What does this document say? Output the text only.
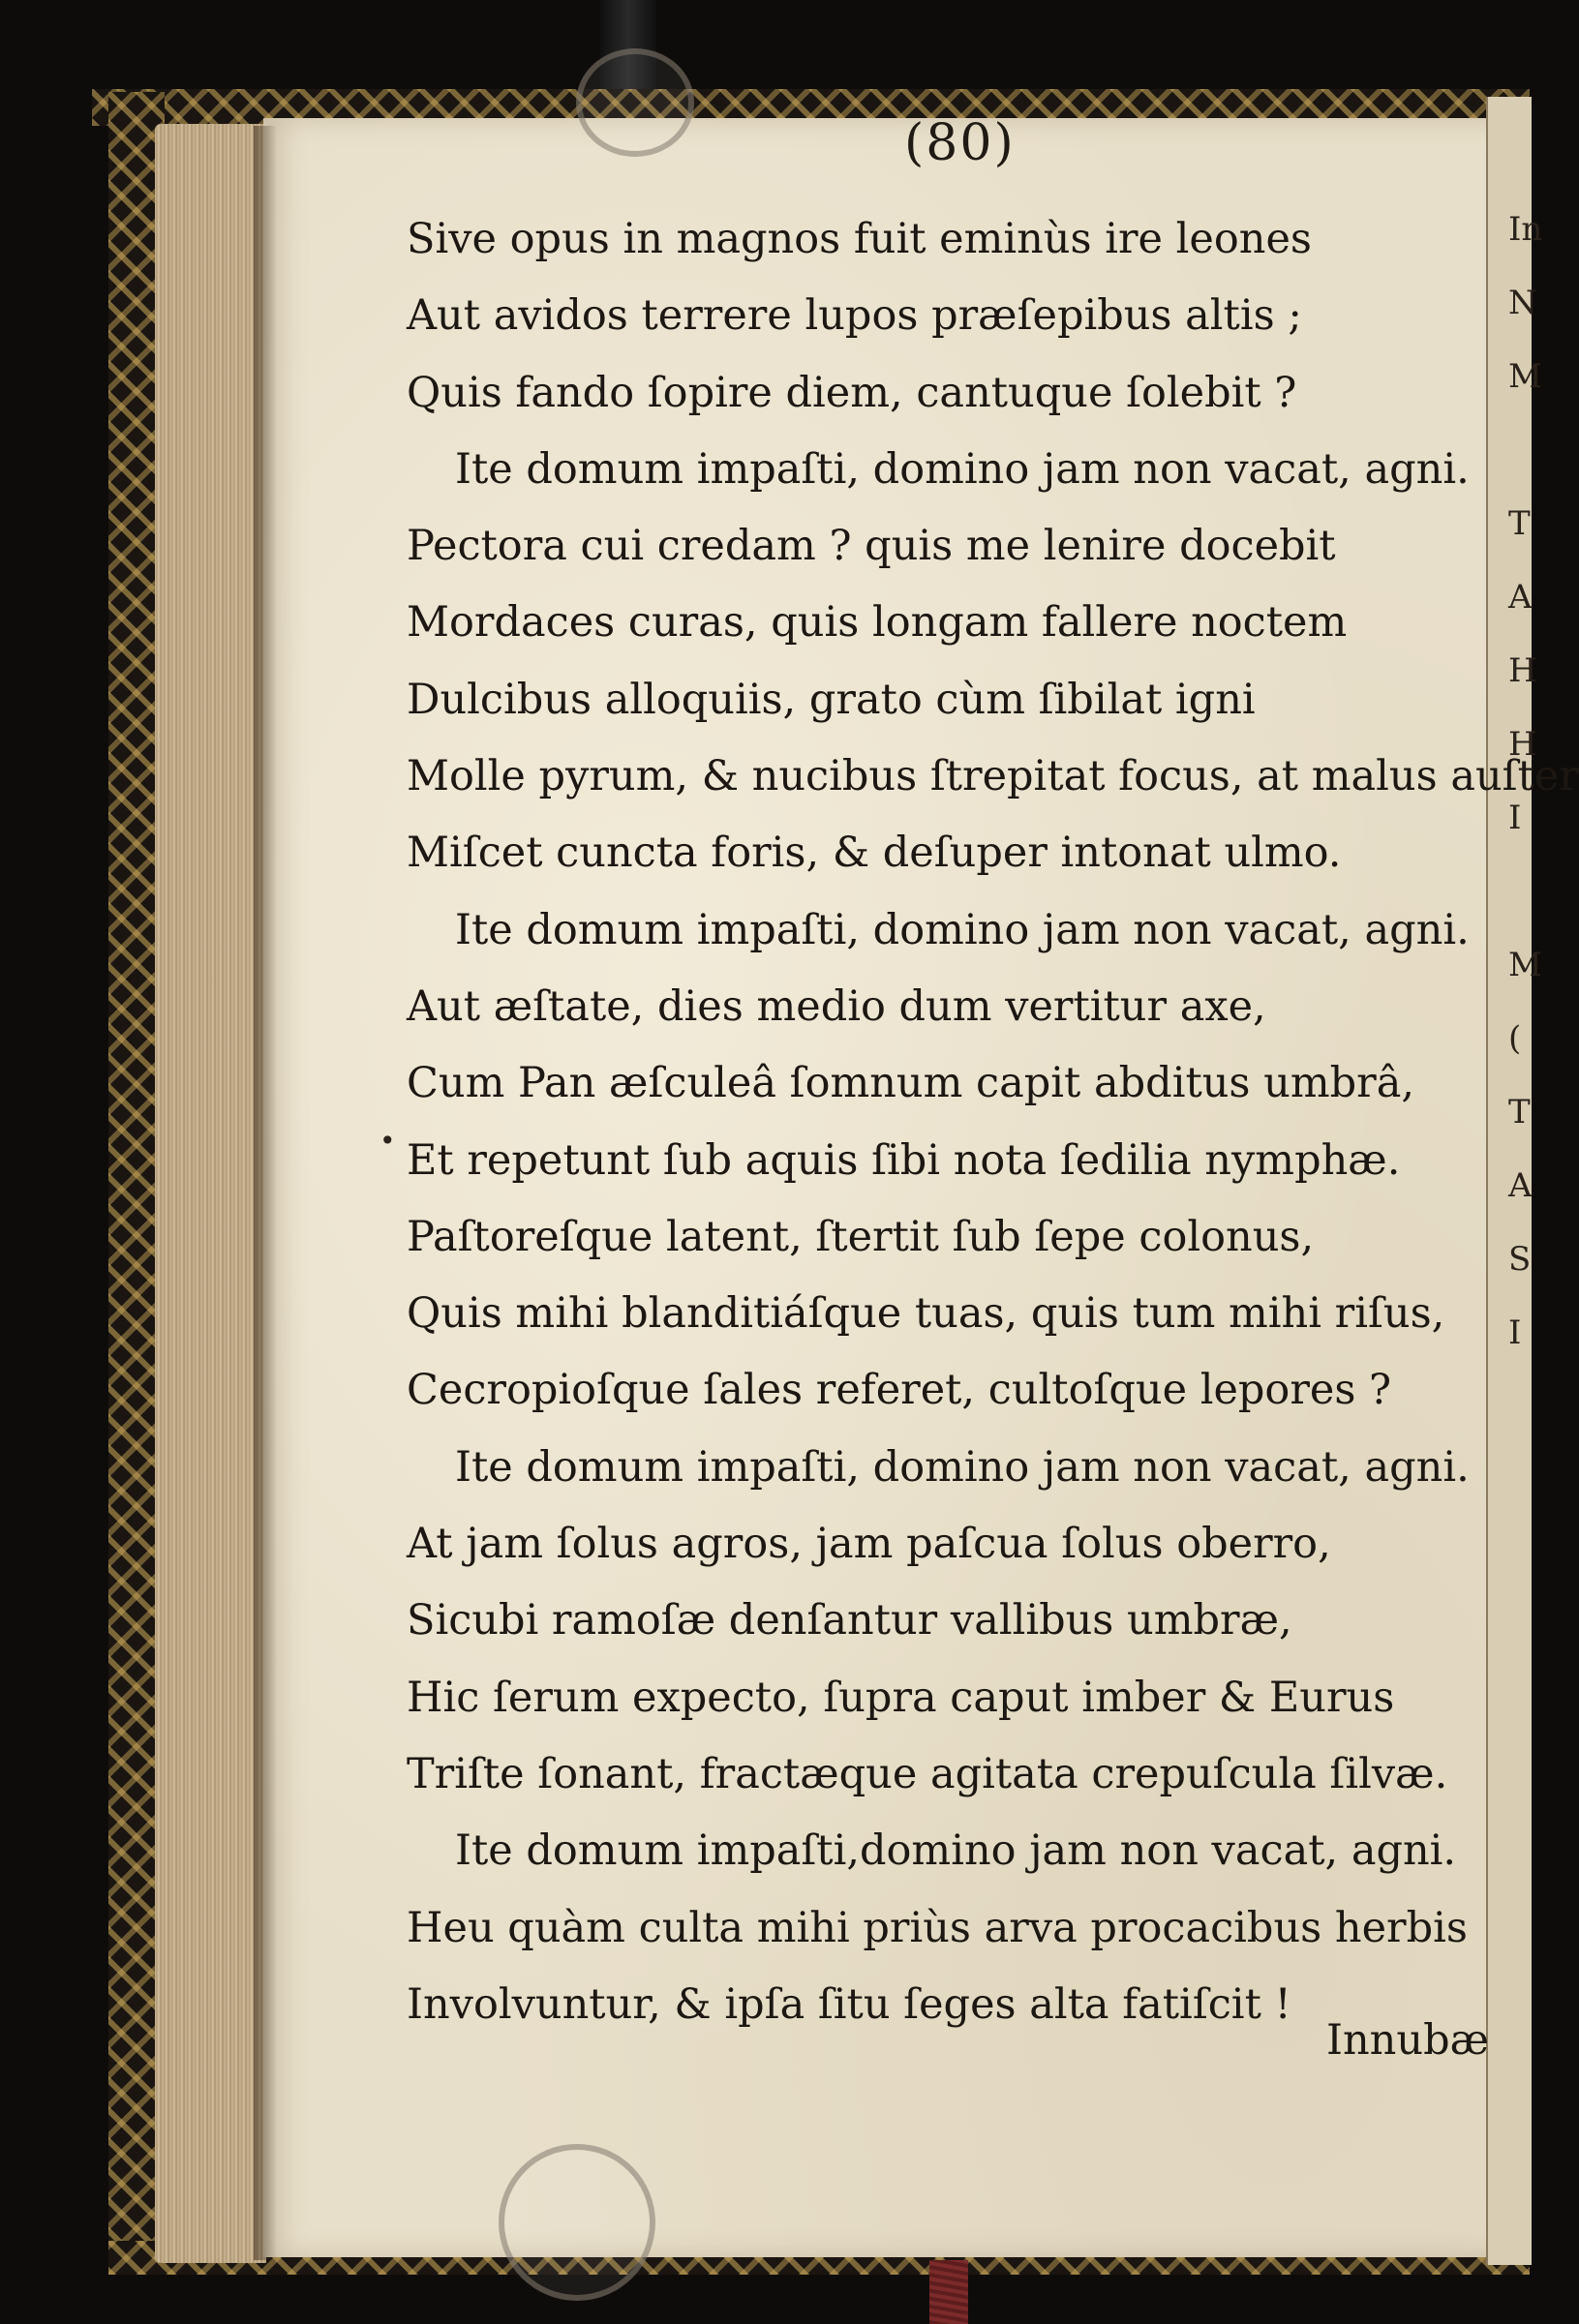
In
N
M
T
A
H
H
I
M
(
T
A
S
I
(80)
•
Sive opus in magnos fuit eminùs ire leones
Aut avidos terrere lupos præſepibus altis ;
Quis fando ſopire diem, cantuque ſolebit ?
Ite domum impaſti, domino jam non vacat, agni.
Pectora cui credam ? quis me lenire docebit
Mordaces curas, quis longam fallere noctem
Dulcibus alloquiis, grato cùm ſibilat igni
Molle pyrum, & nucibus ſtrepitat focus, at malus auſter
Miſcet cuncta foris, & deſuper intonat ulmo.
Ite domum impaſti, domino jam non vacat, agni.
Aut æſtate, dies medio dum vertitur axe,
Cum Pan æſculeâ ſomnum capit abditus umbrâ,
Et repetunt ſub aquis ſibi nota ſedilia nymphæ.
Paſtoreſque latent, ſtertit ſub ſepe colonus,
Quis mihi blanditiáſque tuas, quis tum mihi riſus,
Cecropioſque ſales referet, cultoſque lepores ?
Ite domum impaſti, domino jam non vacat, agni.
At jam ſolus agros, jam paſcua ſolus oberro,
Sicubi ramoſæ denſantur vallibus umbræ,
Hic ſerum expecto, ſupra caput imber & Eurus
Triſte ſonant, fractæque agitata crepuſcula ſilvæ.
Ite domum impaſti,domino jam non vacat, agni.
Heu quàm culta mihi priùs arva procacibus herbis
Involvuntur, & ipſa ſitu ſeges alta fatiſcit !
Innubæ
